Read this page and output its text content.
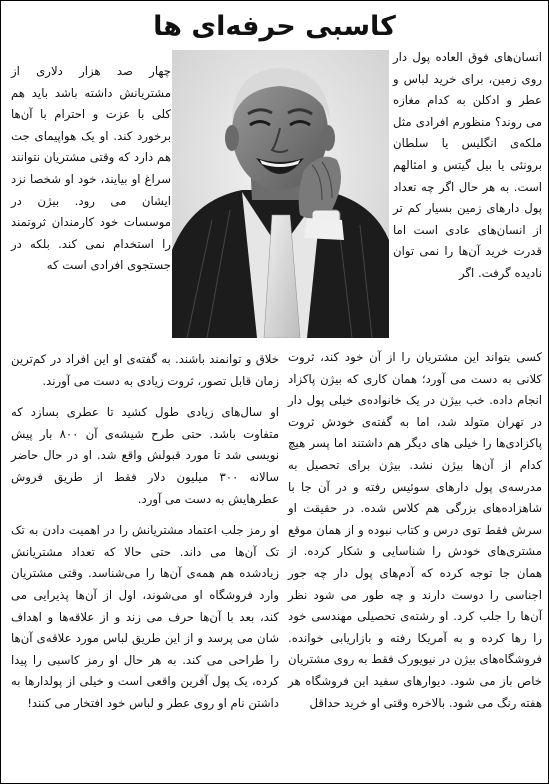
کاسبی حرفه‌ای ها

انسان‌های فوق العاده پول دار روی زمین، برای خرید لباس و عطر و ادکلن به کدام مغازه می روند؟ منظورم افرادی مثل ملکه‌ی انگلیس یا سلطان برونئی یا بیل گیتس و امثالهم است. به هر حال اگر چه تعداد پول دارهای زمین بسیار کم تر از انسان‌های عادی است اما قدرت خرید آن‌ها را نمی توان نادیده گرفت. اگر

چهار صد هزار دلاری از مشتریانش داشته باشد باید هم کلی با عزت و احترام با آن‌ها برخورد کند. او یک هواپیمای جت هم دارد که وقتی مشتریان نتوانند سراغ او بیایند، خود او شخصا نزد ایشان می رود. بیژن در موسسات خود کارمندان ثروتمند را استخدام نمی کند. بلکه در جستجوی افرادی است که

کسی بتواند این مشتریان را از آن خود کند، ثروت کلانی به دست می آورد؛ همان کاری که بیژن پاکزاد انجام داده. خب بیژن در یک خانواده‌ی خیلی پول دار در تهران متولد شد، اما به گفته‌ی خودش ثروت پاکزادی‌ها را خیلی های دیگر هم داشتند اما پسر هیچ کدام از آن‌ها بیژن نشد. بیژن برای تحصیل به مدرسه‌ی پول دارهای سوئیس رفته و در آن جا با شاهزاده‌های بزرگی هم کلاس شده. در حقیقت او سرش فقط توی درس و کتاب نبوده و از همان موقع مشتری‌های خودش را شناسایی و شکار کرده. از همان جا توجه کرده که آدم‌های پول دار چه جور اجناسی را دوست دارند و چه طور می شود نظر آن‌ها را جلب کرد. او رشته‌ی تحصیلی مهندسی خود را رها کرده و به آمریکا رفته و بازاریابی خوانده. فروشگاه‌های بیژن در نیویورک فقط به روی مشتریان خاص باز می شود. دیوارهای سفید این فروشگاه هر هفته رنگ می شود. بالاخره وقتی او خرید حداقل

خلاق و توانمند باشند. به گفته‌ی او این افراد در کم‌ترین زمان قابل تصور، ثروت زیادی به دست می آورند.

او سال‌های زیادی طول کشید تا عطری بسازد که متفاوت باشد. حتی طرح شیشه‌ی آن ۸۰۰ بار پیش نویسی شد تا مورد قبولش واقع شد. او در حال حاضر سالانه ۳۰۰ میلیون دلار فقط از طریق فروش عطرهایش به دست می آورد.

او رمز جلب اعتماد مشتریانش را در اهمیت دادن به تک تک آن‌ها می داند. حتی حالا که تعداد مشتریانش زیادشده هم همه‌ی آن‌ها را می‌شناسد. وقتی مشتریان وارد فروشگاه او می‌شوند، اول از آن‌ها پذیرایی می کند، بعد با آن‌ها حرف می زند و از علاقه‌ها و اهداف شان می پرسد و از این طریق لباس مورد علاقه‌ی آن‌ها را طراحی می کند. به هر حال او رمز کاسبی را پیدا کرده، یک پول آفرین واقعی است و خیلی از پولدارها به داشتن نام او روی عطر و لباس خود افتخار می کنند!
